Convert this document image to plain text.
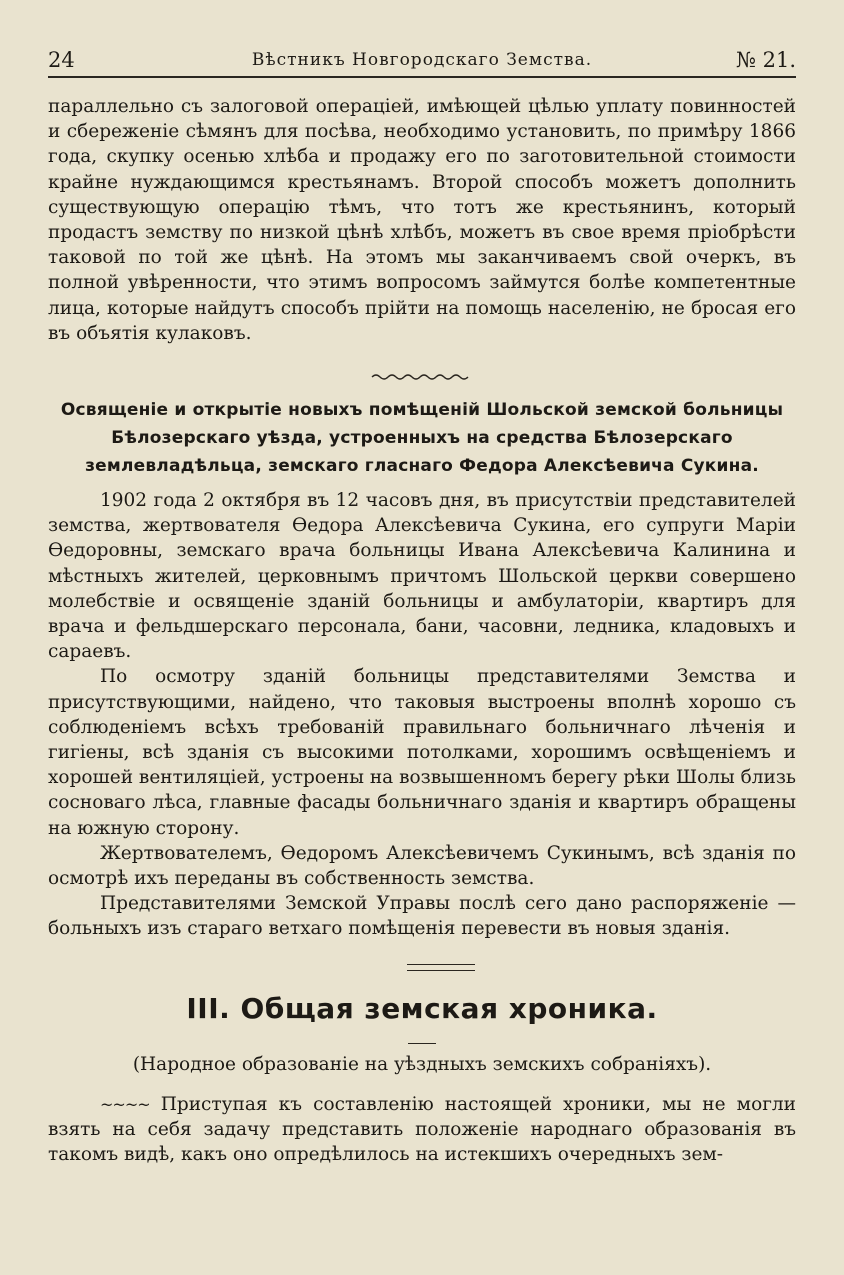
24	Вѣстникъ Новгородскаго Земства.	№ 21.

параллельно съ залоговой операціей, имѣющей цѣлью уплату повинностей и сбереженіе сѣмянъ для посѣва, необходимо установить, по примѣру 1866 года, скупку осенью хлѣба и продажу его по заготовительной стоимости крайне нуждающимся крестьянамъ. Второй способъ можетъ дополнить существующую операцію тѣмъ, что тотъ же крестьянинъ, который продастъ земству по низкой цѣнѣ хлѣбъ, можетъ въ свое время пріобрѣсти таковой по той же цѣнѣ. На этомъ мы заканчиваемъ свой очеркъ, въ полной увѣренности, что этимъ вопросомъ займутся болѣе компетентные лица, которые найдутъ способъ прійти на помощь населенію, не бросая его въ объятія кулаковъ.

Освященіе и открытіе новыхъ помѣщеній Шольской земской больницы Бѣлозерскаго уѣзда, устроенныхъ на средства Бѣлозерскаго землевладѣльца, земскаго гласнаго Федора Алексѣевича Сукина.

1902 года 2 октября въ 12 часовъ дня, въ присутствіи представителей земства, жертвователя Ѳедора Алексѣевича Сукина, его супруги Маріи Ѳедоровны, земскаго врача больницы Ивана Алексѣевича Калинина и мѣстныхъ жителей, церковнымъ причтомъ Шольской церкви совершено молебствіе и освященіе зданій больницы и амбулаторіи, квартиръ для врача и фельдшерскаго персонала, бани, часовни, ледника, кладовыхъ и сараевъ.

По осмотру зданій больницы представителями Земства и присутствующими, найдено, что таковыя выстроены вполнѣ хорошо съ соблюденіемъ всѣхъ требованій правильнаго больничнаго лѣченія и гигіены, всѣ зданія съ высокими потолками, хорошимъ освѣщеніемъ и хорошей вентиляціей, устроены на возвышенномъ берегу рѣки Шолы близь сосноваго лѣса, главные фасады больничнаго зданія и квартиръ обращены на южную сторону.

Жертвователемъ, Ѳедоромъ Алексѣевичемъ Сукинымъ, всѣ зданія по осмотрѣ ихъ переданы въ собственность земства.

Представителями Земской Управы послѣ сего дано распоряженіе — больныхъ изъ стараго ветхаго помѣщенія перевести въ новыя зданія.

III. Общая земская хроника.
(Народное образованіе на уѣздныхъ земскихъ собраніяхъ).

~~~~ Приступая къ составленію настоящей хроники, мы не могли взять на себя задачу представить положеніе народнаго образованія въ такомъ видѣ, какъ оно опредѣлилось на истекшихъ очередныхъ зем-
